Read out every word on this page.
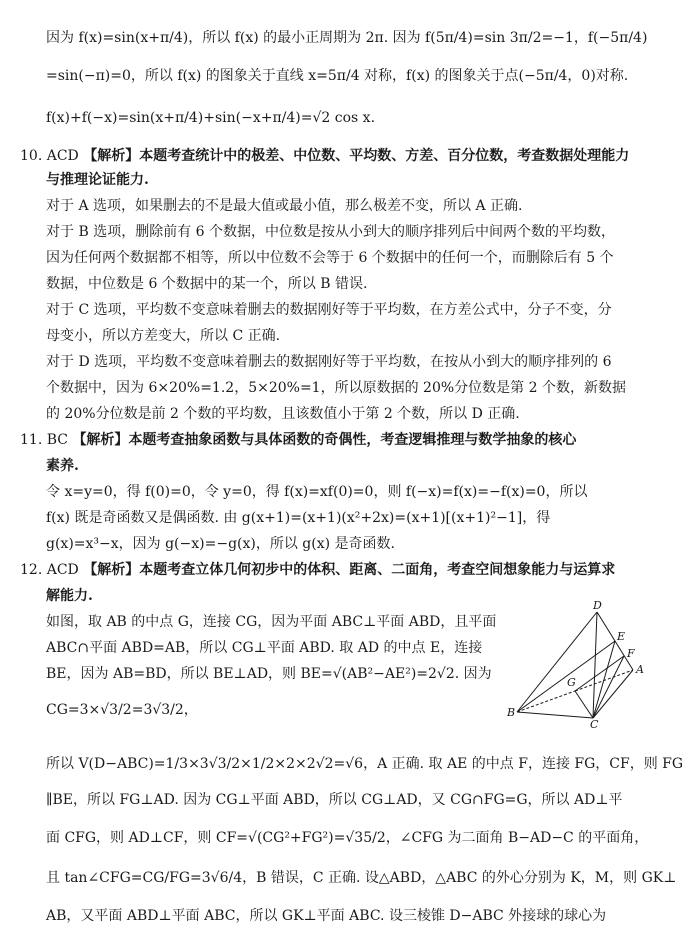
因为 f(x)=sin(x+π/4)，所以 f(x) 的最小正周期为 2π. 因为 f(5π/4)=sin 3π/2=−1，f(−5π/4)
=sin(−π)=0，所以 f(x) 的图象关于直线 x=5π/4 对称，f(x) 的图象关于点(−5π/4，0)对称.
f(x)+f(−x)=sin(x+π/4)+sin(−x+π/4)=√2 cos x.
10. ACD 【解析】本题考查统计中的极差、中位数、平均数、方差、百分位数，考查数据处理能力
与推理论证能力.
对于 A 选项，如果删去的不是最大值或最小值，那么极差不变，所以 A 正确.
对于 B 选项，删除前有 6 个数据，中位数是按从小到大的顺序排列后中间两个数的平均数，
因为任何两个数据都不相等，所以中位数不会等于 6 个数据中的任何一个，而删除后有 5 个
数据，中位数是 6 个数据中的某一个，所以 B 错误.
对于 C 选项，平均数不变意味着删去的数据刚好等于平均数，在方差公式中，分子不变，分
母变小，所以方差变大，所以 C 正确.
对于 D 选项，平均数不变意味着删去的数据刚好等于平均数，在按从小到大的顺序排列的 6
个数据中，因为 6×20%=1.2，5×20%=1，所以原数据的 20%分位数是第 2 个数，新数据
的 20%分位数是前 2 个数的平均数，且该数值小于第 2 个数，所以 D 正确.
11. BC 【解析】本题考查抽象函数与具体函数的奇偶性，考查逻辑推理与数学抽象的核心
素养.
令 x=y=0，得 f(0)=0，令 y=0，得 f(x)=xf(0)=0，则 f(−x)=f(x)=−f(x)=0，所以
f(x) 既是奇函数又是偶函数. 由 g(x+1)=(x+1)(x²+2x)=(x+1)[(x+1)²−1]，得
g(x)=x³−x，因为 g(−x)=−g(x)，所以 g(x) 是奇函数.
12. ACD 【解析】本题考查立体几何初步中的体积、距离、二面角，考查空间想象能力与运算求
解能力.
如图，取 AB 的中点 G，连接 CG，因为平面 ABC⊥平面 ABD，且平面
ABC∩平面 ABD=AB，所以 CG⊥平面 ABD. 取 AD 的中点 E，连接
BE，因为 AB=BD，所以 BE⊥AD，则 BE=√(AB²−AE²)=2√2. 因为
CG=3×√3/2=3√3/2，
所以 V(D−ABC)=1/3×3√3/2×1/2×2×2√2=√6，A 正确. 取 AE 的中点 F，连接 FG，CF，则 FG
∥BE，所以 FG⊥AD. 因为 CG⊥平面 ABD，所以 CG⊥AD，又 CG∩FG=G，所以 AD⊥平
面 CFG，则 AD⊥CF，则 CF=√(CG²+FG²)=√35/2，∠CFG 为二面角 B−AD−C 的平面角，
且 tan∠CFG=CG/FG=3√6/4，B 错误，C 正确. 设△ABD，△ABC 的外心分别为 K，M，则 GK⊥
AB，又平面 ABD⊥平面 ABC，所以 GK⊥平面 ABC. 设三棱锥 D−ABC 外接球的球心为
D
E
F
A
G
B
C
